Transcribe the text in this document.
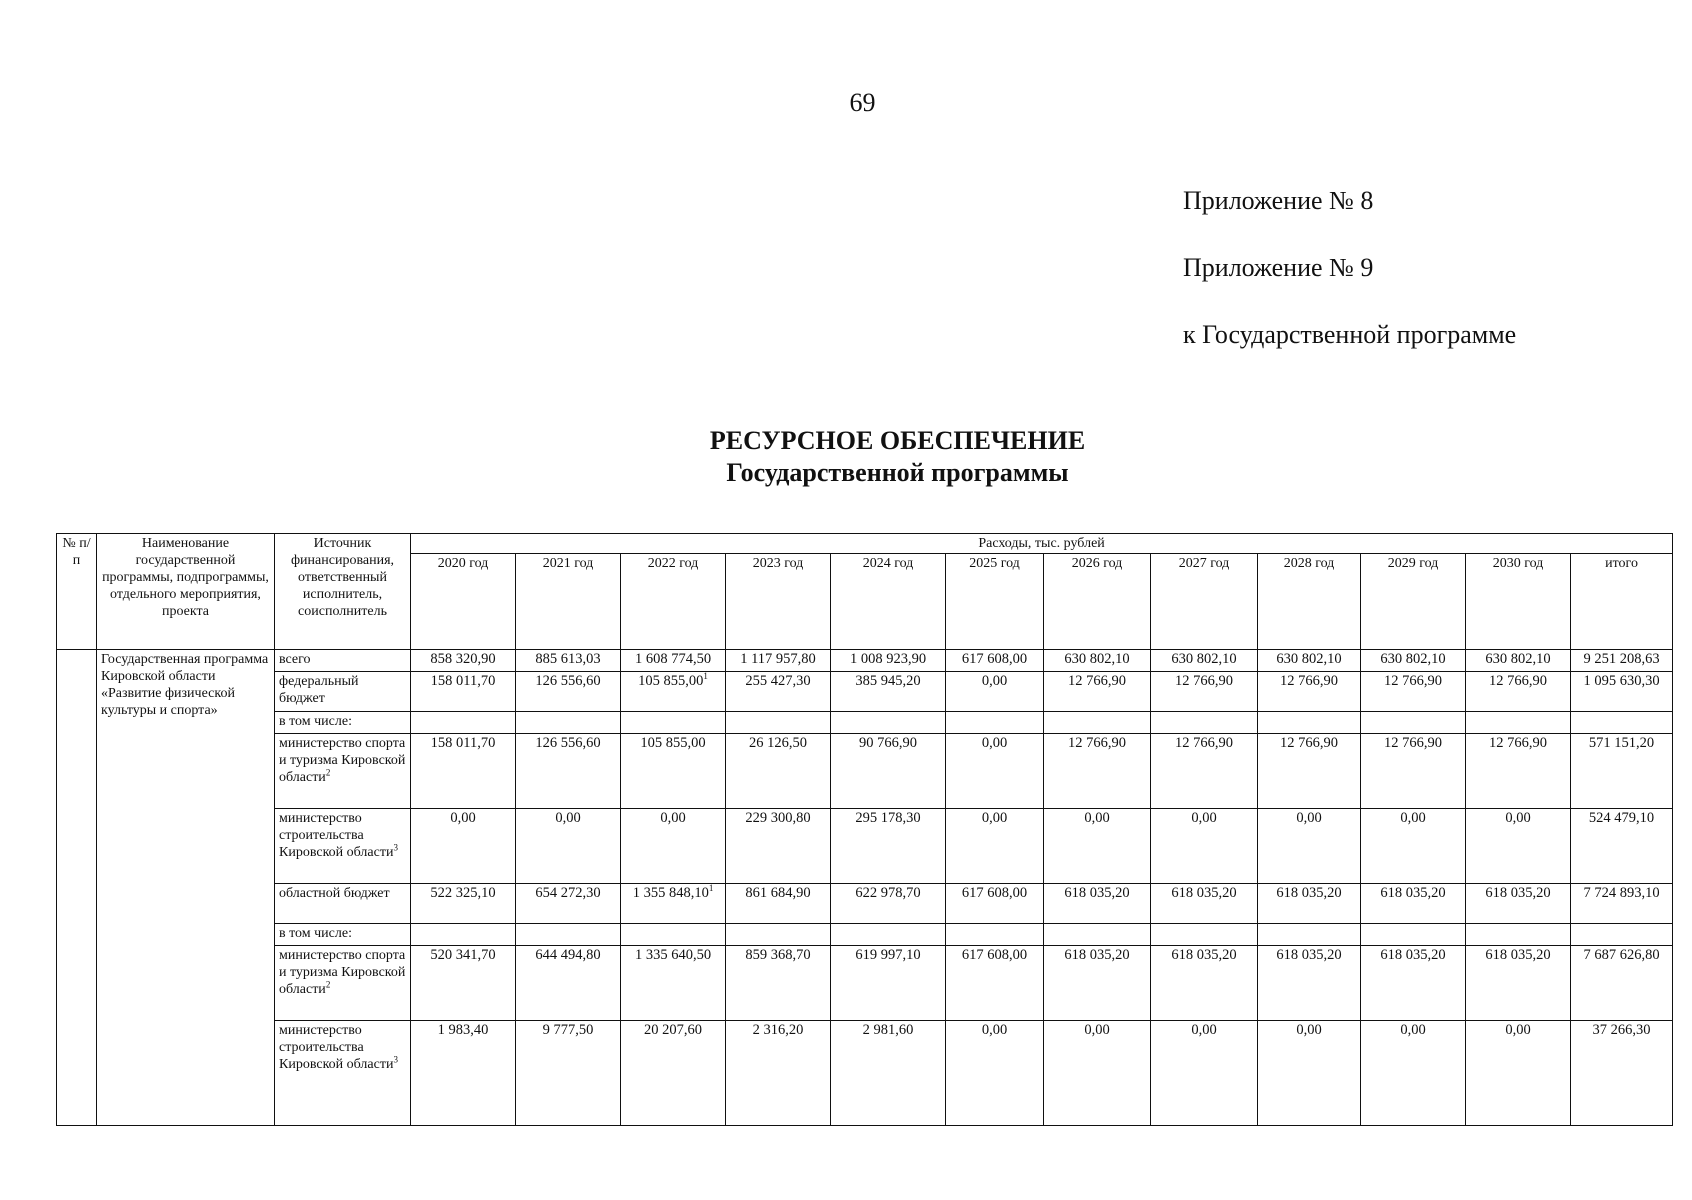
69
Приложение № 8
Приложение № 9
к Государственной программе
РЕСУРСНОЕ ОБЕСПЕЧЕНИЕ
Государственной программы
№ п/п	Наименование государственной программы, подпрограммы, отдельного мероприятия, проекта	Источник финансирования, ответственный исполнитель, соисполнитель	Расходы, тыс. рублей											
			2020 год	2021 год	2022 год	2023 год	2024 год	2025 год	2026 год	2027 год	2028 год	2029 год	2030 год	итого
	Государственная программа Кировской области «Развитие физической культуры и спорта»	всего	858 320,90	885 613,03	1 608 774,50	1 117 957,80	1 008 923,90	617 608,00	630 802,10	630 802,10	630 802,10	630 802,10	630 802,10	9 251 208,63
		федеральный бюджет	158 011,70	126 556,60	105 855,00$^1$	255 427,30	385 945,20	0,00	12 766,90	12 766,90	12 766,90	12 766,90	12 766,90	1 095 630,30
		в том числе:												
		министерство спорта и туризма Кировской области$^2$	158 011,70	126 556,60	105 855,00	26 126,50	90 766,90	0,00	12 766,90	12 766,90	12 766,90	12 766,90	12 766,90	571 151,20
		министерство строительства Кировской области$^3$	0,00	0,00	0,00	229 300,80	295 178,30	0,00	0,00	0,00	0,00	0,00	0,00	524 479,10
		областной бюджет	522 325,10	654 272,30	1 355 848,10$^1$	861 684,90	622 978,70	617 608,00	618 035,20	618 035,20	618 035,20	618 035,20	618 035,20	7 724 893,10
		в том числе:												
		министерство спорта и туризма Кировской области$^2$	520 341,70	644 494,80	1 335 640,50	859 368,70	619 997,10	617 608,00	618 035,20	618 035,20	618 035,20	618 035,20	618 035,20	7 687 626,80
		министерство строительства Кировской области$^3$	1 983,40	9 777,50	20 207,60	2 316,20	2 981,60	0,00	0,00	0,00	0,00	0,00	0,00	37 266,30
